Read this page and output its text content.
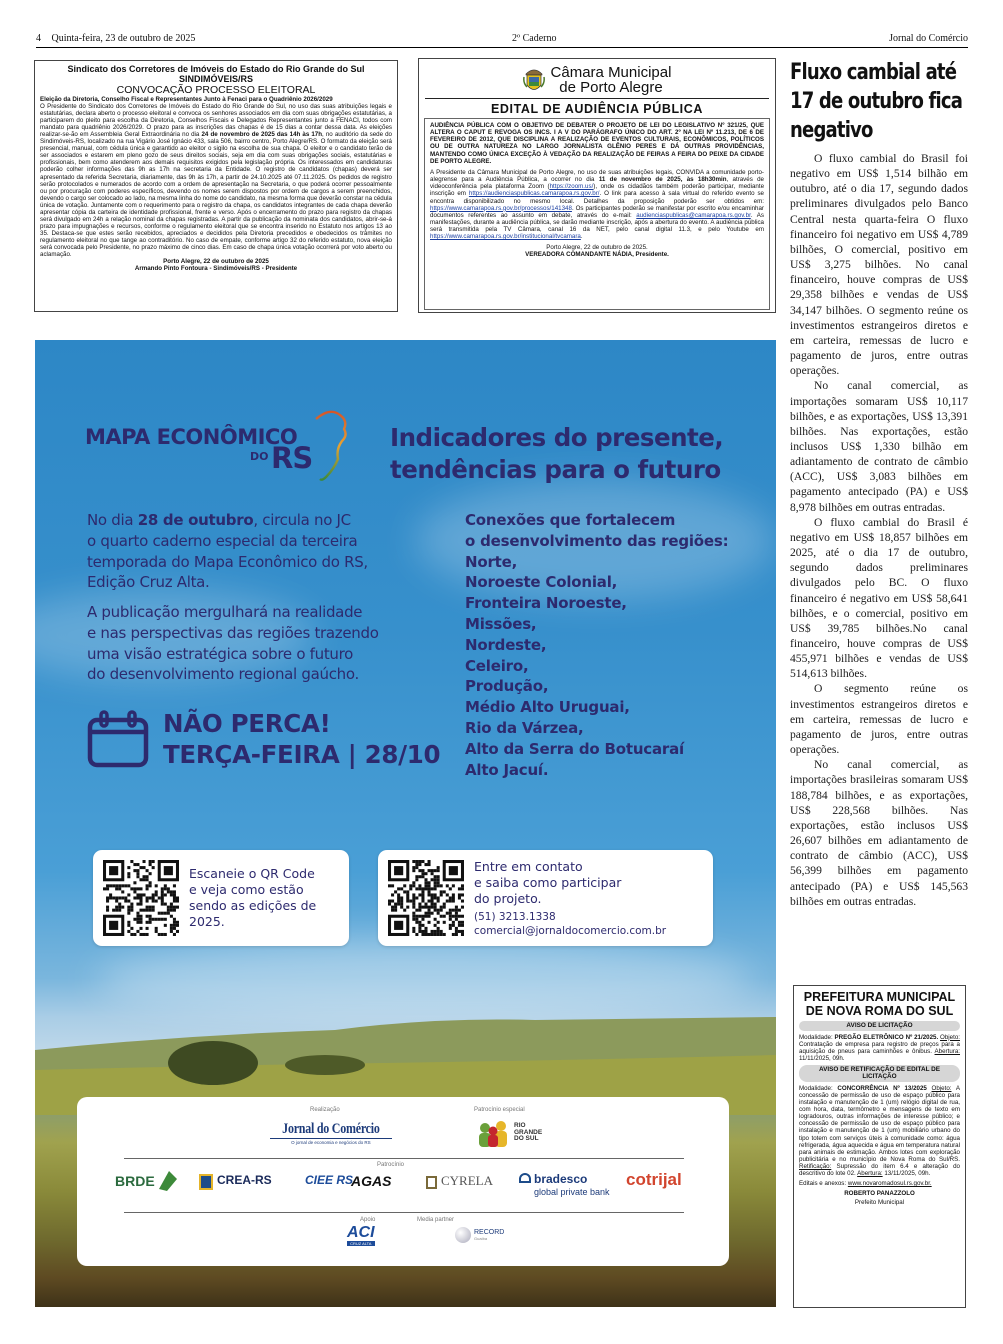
4 Quinta-feira, 23 de outubro de 2025	2º Caderno	Jornal do Comércio
Sindicato dos Corretores de Imóveis do Estado do Rio Grande do Sul
SINDIMÓVEIS/RS
CONVOCAÇÃO PROCESSO ELEITORAL
Eleição da Diretoria, Conselho Fiscal e Representantes Junto à Fenaci para o Quadriênio 2026/2029
O Presidente do Sindicato dos Corretores de Imóveis do Estado do Rio Grande do Sul, no uso das suas atribuições legais e estatutárias, declara aberto o processo eleitoral e convoca os senhores associados em dia com suas obrigações estatutárias, a participarem do pleito para escolha da Diretoria, Conselhos Fiscais e Delegados Representantes junto a FENACI, todos com mandato para quadriênio 2026/2029. O prazo para as inscrições das chapas é de 15 dias a contar dessa data. As eleições realizar-se-ão em Assembleia Geral Extraordinária no dia 24 de novembro de 2025 das 14h às 17h, no auditório da sede do Sindimóveis-RS, localizado na rua Vigário José Ignácio 433, sala 506, bairro centro, Porto Alegre/RS. O formato da eleição será presencial, manual, com cédula única e garantido ao eleitor o sigilo na escolha de sua chapa. O eleitor e o candidato terão de ser associados e estarem em pleno gozo de seus direitos sociais, seja em dia com suas obrigações sociais, estatutárias e profissionais, bem como atenderem aos demais requisitos exigidos pela legislação própria. Os interessados em candidaturas poderão colher informações das 9h as 17h na secretaria da Entidade. O registro de candidatos (chapas) deverá ser apresentado da referida Secretaria, diariamente, das 9h às 17h, a partir de 24.10.2025 até 07.11.2025. Os pedidos de registro serão protocolados e numerados de acordo com a ordem de apresentação na Secretaria, o que poderá ocorrer pessoalmente ou por procuração com poderes específicos, devendo os nomes serem dispostos por ordem de cargos a serem preenchidos, devendo o cargo ser colocado ao lado, na mesma linha do nome do candidato, na mesma forma que deverão constar na cédula única de votação. Juntamente com o requerimento para o registro da chapa, os candidatos integrantes de cada chapa deverão apresentar cópia da carteira de identidade profissional, frente e verso. Após o encerramento do prazo para registro da chapas será divulgado em 24h a relação nominal da chapas registradas. A partir da publicação da nominata dos candidatos, abrir-se-á prazo para impugnações e recursos, conforme o regulamento eleitoral que se encontra inserido no Estatuto nos artigos 13 ao 35. Destaca-se que estes serão recebidos, apreciados e decididos pela Diretoria precedidos e obedecidos os trâmites no regulamento eleitoral no que tange ao contraditório. No caso de empate, conforme artigo 32 do referido estatuto, nova eleição será convocada pelo Presidente, no prazo máximo de cinco dias. Em caso de chapa única votação ocorrerá por voto aberto ou aclamação.
Porto Alegre, 22 de outubro de 2025
Armando Pinto Fontoura - Sindimóveis/RS - Presidente
Câmara Municipal
de Porto Alegre
EDITAL DE AUDIÊNCIA PÚBLICA
AUDIÊNCIA PÚBLICA COM O OBJETIVO DE DEBATER O PROJETO DE LEI DO LEGISLATIVO Nº 321/25, QUE ALTERA O CAPUT E REVOGA OS INCS. I A V DO PARÁGRAFO ÚNICO DO ART. 2º NA LEI Nº 11.213, DE 6 DE FEVEREIRO DE 2012, QUE DISCIPLINA A REALIZAÇÃO DE EVENTOS CULTURAIS, ECONÔMICOS, POLÍTICOS OU DE OUTRA NATUREZA NO LARGO JORNALISTA GLÊNIO PERES E DÁ OUTRAS PROVIDÊNCIAS, MANTENDO COMO ÚNICA EXCEÇÃO À VEDAÇÃO DA REALIZAÇÃO DE FEIRAS A FEIRA DO PEIXE DA CIDADE DE PORTO ALEGRE.
A Presidente da Câmara Municipal de Porto Alegre, no uso de suas atribuições legais, CONVIDA a comunidade porto-alegrense para a Audiência Pública, a ocorrer no dia 11 de novembro de 2025, às 18h30min, através de videoconferência pela plataforma Zoom (https://zoom.us/), onde os cidadãos também poderão participar, mediante inscrição em https://audienciaspublicas.camarapoa.rs.gov.br/. O link para acesso à sala virtual do referido evento se encontra disponibilizado no mesmo local. Detalhes da proposição poderão ser obtidos em: https://www.camarapoa.rs.gov.br/processos/141348. Os participantes poderão se manifestar por escrito e/ou encaminhar documentos referentes ao assunto em debate, através do e-mail: audienciaspublicas@camarapoa.rs.gov.br. As manifestações, durante a audiência pública, se darão mediante inscrição, após a abertura do evento. A audiência pública será transmitida pela TV Câmara, canal 16 da NET, pelo canal digital 11.3, e pelo Youtube em https://www.camarapoa.rs.gov.br/institucional/tvcamara.
Porto Alegre, 22 de outubro de 2025.
VEREADORA COMANDANTE NÁDIA, Presidente.
Fluxo cambial até 17 de outubro fica negativo

O fluxo cambial do Brasil foi negativo em US$ 1,514 bilhão em outubro, até o dia 17, segundo dados preliminares divulgados pelo Banco Central nesta quarta-feira O fluxo financeiro foi negativo em US$ 4,789 bilhões, O comercial, positivo em US$ 3,275 bilhões. No canal financeiro, houve compras de US$ 29,358 bilhões e vendas de US$ 34,147 bilhões. O segmento reúne os investimentos estrangeiros diretos e em carteira, remessas de lucro e pagamento de juros, entre outras operações.

No canal comercial, as importações somaram US$ 10,117 bilhões, e as exportações, US$ 13,391 bilhões. Nas exportações, estão inclusos US$ 1,330 bilhão em adiantamento de contrato de câmbio (ACC), US$ 3,083 bilhões em pagamento antecipado (PA) e US$ 8,978 bilhões em outras entradas.

O fluxo cambial do Brasil é negativo em US$ 18,857 bilhões em 2025, até o dia 17 de outubro, segundo dados preliminares divulgados pelo BC. O fluxo financeiro é negativo em US$ 58,641 bilhões, e o comercial, positivo em US$ 39,785 bilhões.No canal financeiro, houve compras de US$ 455,971 bilhões e vendas de US$ 514,613 bilhões.

O segmento reúne os investimentos estrangeiros diretos e em carteira, remessas de lucro e pagamento de juros, entre outras operações.

No canal comercial, as importações brasileiras somaram US$ 188,784 bilhões, e as exportações, US$ 228,568 bilhões. Nas exportações, estão inclusos US$ 26,607 bilhões em adiantamento de contrato de câmbio (ACC), US$ 56,399 bilhões em pagamento antecipado (PA) e US$ 145,563 bilhões em outras entradas.

PREFEITURA MUNICIPAL DE NOVA ROMA DO SUL
AVISO DE LICITAÇÃO
Modalidade: PREGÃO ELETRÔNICO Nº 21/2025. Objeto: Contratação de empresa para registro de preços para a aquisição de pneus para caminhões e ônibus. Abertura: 11/11/2025, 09h.
AVISO DE RETIFICAÇÃO DE EDITAL DE LICITAÇÃO
Modalidade: CONCORRÊNCIA Nº 13/2025 Objeto: A concessão de permissão de uso de espaço público para instalação e manutenção de 1 (um) relógio digital de rua, com hora, data, termômetro e mensagens de texto em logradouros, outras informações de interesse público; e concessão de permissão de uso de espaço público para instalação e manutenção de 1 (um) mobiliário urbano do tipo totem com serviços úteis à comunidade como: água refrigerada, água aquecida e água em temperatura natural para animais de estimação. Ambos lotes com exploração publicitária e no município de Nova Roma do Sul/RS. Retificação: Supressão do item 6.4 e alteração do descritivo do lote 02. Abertura: 13/11/2025, 09h.
Editais e anexos: www.novaromadosul.rs.gov.br.
ROBERTO PANAZZOLO
Prefeito Municipal
MAPA ECONÔMICO
DO RS
Indicadores do presente,
tendências para o futuro
No dia 28 de outubro, circula no JC
o quarto caderno especial da terceira
temporada do Mapa Econômico do RS,
Edição Cruz Alta.
A publicação mergulhará na realidade
e nas perspectivas das regiões trazendo
uma visão estratégica sobre o futuro
do desenvolvimento regional gaúcho.
Conexões que fortalecem
o desenvolvimento das regiões:
Norte,
Noroeste Colonial,
Fronteira Noroeste,
Missões,
Nordeste,
Celeiro,
Produção,
Médio Alto Uruguai,
Rio da Várzea,
Alto da Serra do Botucaraí
Alto Jacuí.
NÃO PERCA!
TERÇA-FEIRA | 28/10
Escaneie o QR Code
e veja como estão
sendo as edições de
2025.
Entre em contato
e saiba como participar
do projeto.
(51) 3213.1338
comercial@jornaldocomercio.com.br
Realização	Patrocínio especial
Jornal do Comércio
O jornal de economia e negócios do RS
RIO
GRANDE
DO SUL
Patrocínio
BRDE	CREA-RS	CIEE RS
AGAS	CYRELA	bradesco
global private bank
cotrijal
Apoio	Media partner
ACI
CRUZ ALTA
RECORD
Guaíba
